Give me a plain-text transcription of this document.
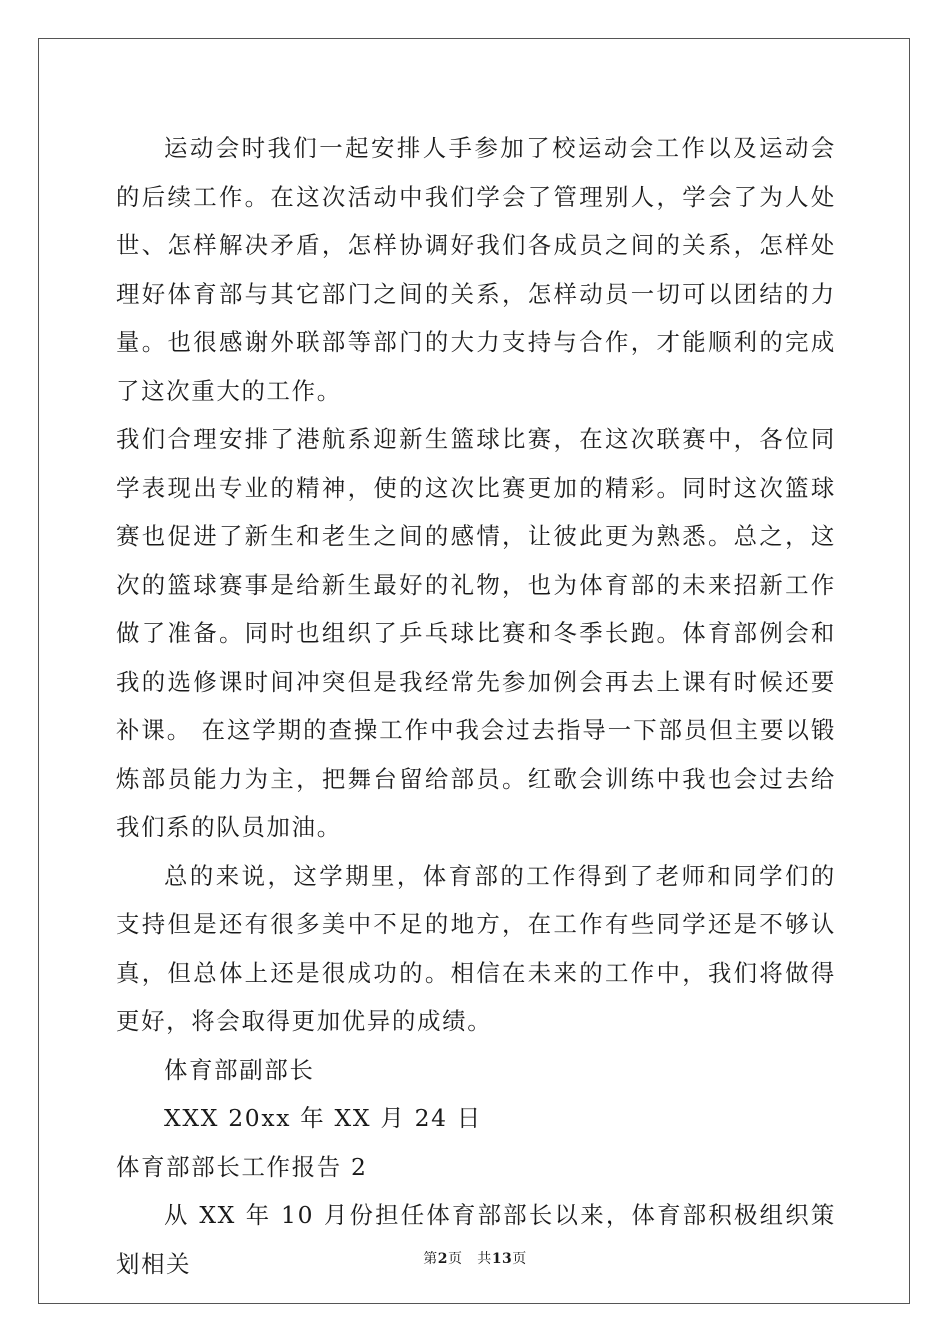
运动会时我们一起安排人手参加了校运动会工作以及运动会的后续工作。在这次活动中我们学会了管理别人，学会了为人处世、怎样解决矛盾，怎样协调好我们各成员之间的关系，怎样处理好体育部与其它部门之间的关系，怎样动员一切可以团结的力量。也很感谢外联部等部门的大力支持与合作，才能顺利的完成了这次重大的工作。

我们合理安排了港航系迎新生篮球比赛，在这次联赛中，各位同学表现出专业的精神，使的这次比赛更加的精彩。同时这次篮球赛也促进了新生和老生之间的感情，让彼此更为熟悉。总之，这次的篮球赛事是给新生最好的礼物，也为体育部的未来招新工作做了准备。同时也组织了乒乓球比赛和冬季长跑。体育部例会和我的选修课时间冲突但是我经常先参加例会再去上课有时候还要补课。 在这学期的查操工作中我会过去指导一下部员但主要以锻炼部员能力为主，把舞台留给部员。红歌会训练中我也会过去给我们系的队员加油。

总的来说，这学期里，体育部的工作得到了老师和同学们的支持但是还有很多美中不足的地方，在工作有些同学还是不够认真，但总体上还是很成功的。相信在未来的工作中，我们将做得更好，将会取得更加优异的成绩。

体育部副部长

XXX 20xx 年 XX 月 24 日

体育部部长工作报告 2

从 XX 年 10 月份担任体育部部长以来，体育部积极组织策划相关	第2页   共13页
